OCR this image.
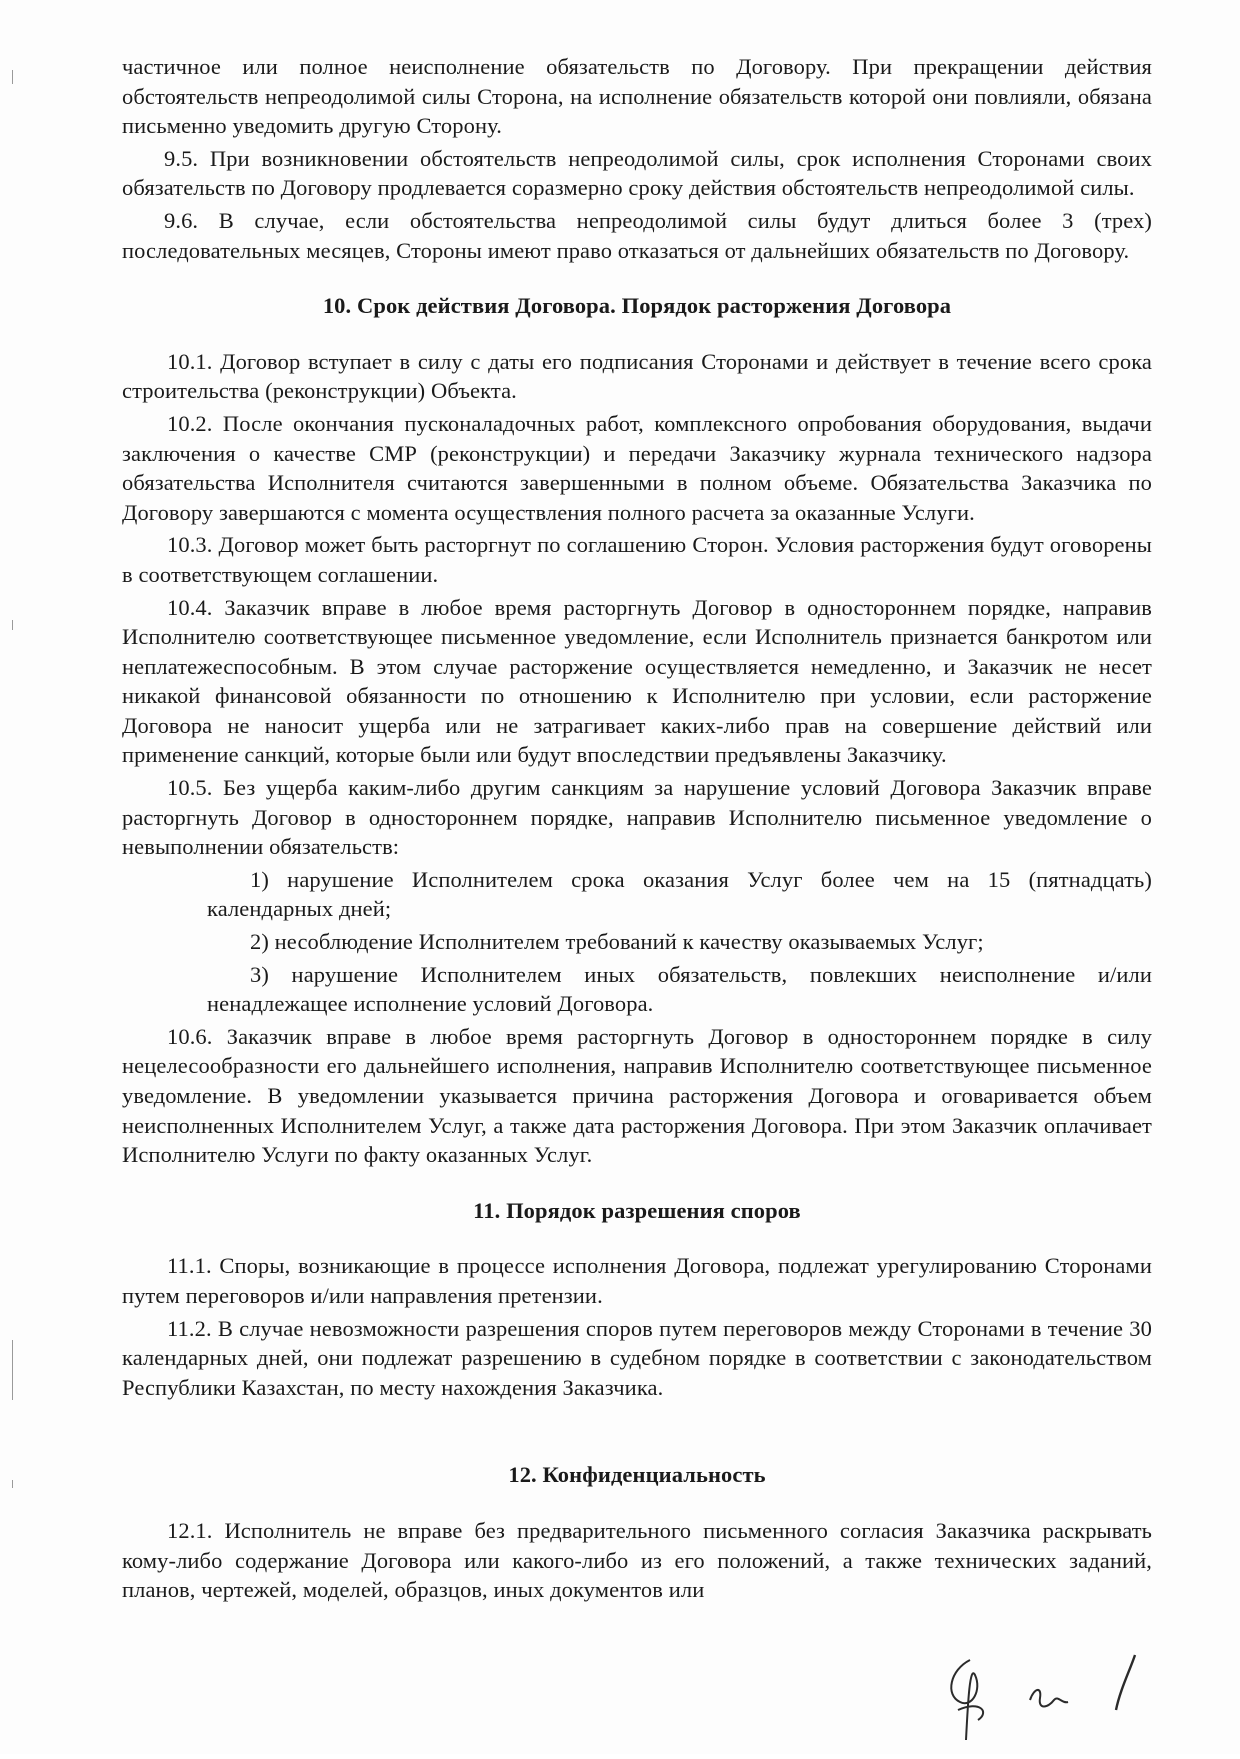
частичное или полное неисполнение обязательств по Договору. При прекращении действия обстоятельств непреодолимой силы Сторона, на исполнение обязательств которой они повлияли, обязана письменно уведомить другую Сторону.

9.5. При возникновении обстоятельств непреодолимой силы, срок исполнения Сторонами своих обязательств по Договору продлевается соразмерно сроку действия обстоятельств непреодолимой силы.

9.6. В случае, если обстоятельства непреодолимой силы будут длиться более 3 (трех) последовательных месяцев, Стороны имеют право отказаться от дальнейших обязательств по Договору.

10. Срок действия Договора. Порядок расторжения Договора

10.1. Договор вступает в силу с даты его подписания Сторонами и действует в течение всего срока строительства (реконструкции) Объекта.

10.2. После окончания пусконаладочных работ, комплексного опробования оборудования, выдачи заключения о качестве СМР (реконструкции) и передачи Заказчику журнала технического надзора обязательства Исполнителя считаются завершенными в полном объеме. Обязательства Заказчика по Договору завершаются с момента осуществления полного расчета за оказанные Услуги.

10.3. Договор может быть расторгнут по соглашению Сторон. Условия расторжения будут оговорены в соответствующем соглашении.

10.4. Заказчик вправе в любое время расторгнуть Договор в одностороннем порядке, направив Исполнителю соответствующее письменное уведомление, если Исполнитель признается банкротом или неплатежеспособным. В этом случае расторжение осуществляется немедленно, и Заказчик не несет никакой финансовой обязанности по отношению к Исполнителю при условии, если расторжение Договора не наносит ущерба или не затрагивает каких-либо прав на совершение действий или применение санкций, которые были или будут впоследствии предъявлены Заказчику.

10.5. Без ущерба каким-либо другим санкциям за нарушение условий Договора Заказчик вправе расторгнуть Договор в одностороннем порядке, направив Исполнителю письменное уведомление о невыполнении обязательств:

1) нарушение Исполнителем срока оказания Услуг более чем на 15 (пятнадцать) календарных дней;

2) несоблюдение Исполнителем требований к качеству оказываемых Услуг;

3) нарушение Исполнителем иных обязательств, повлекших неисполнение и/или ненадлежащее исполнение условий Договора.

10.6. Заказчик вправе в любое время расторгнуть Договор в одностороннем порядке в силу нецелесообразности его дальнейшего исполнения, направив Исполнителю соответствующее письменное уведомление. В уведомлении указывается причина расторжения Договора и оговаривается объем неисполненных Исполнителем Услуг, а также дата расторжения Договора. При этом Заказчик оплачивает Исполнителю Услуги по факту оказанных Услуг.

11. Порядок разрешения споров

11.1. Споры, возникающие в процессе исполнения Договора, подлежат урегулированию Сторонами путем переговоров и/или направления претензии.

11.2. В случае невозможности разрешения споров путем переговоров между Сторонами в течение 30 календарных дней, они подлежат разрешению в судебном порядке в соответствии с законодательством Республики Казахстан, по месту нахождения Заказчика.

12. Конфиденциальность

12.1. Исполнитель не вправе без предварительного письменного согласия Заказчика раскрывать кому-либо содержание Договора или какого-либо из его положений, а также технических заданий, планов, чертежей, моделей, образцов, иных документов или
